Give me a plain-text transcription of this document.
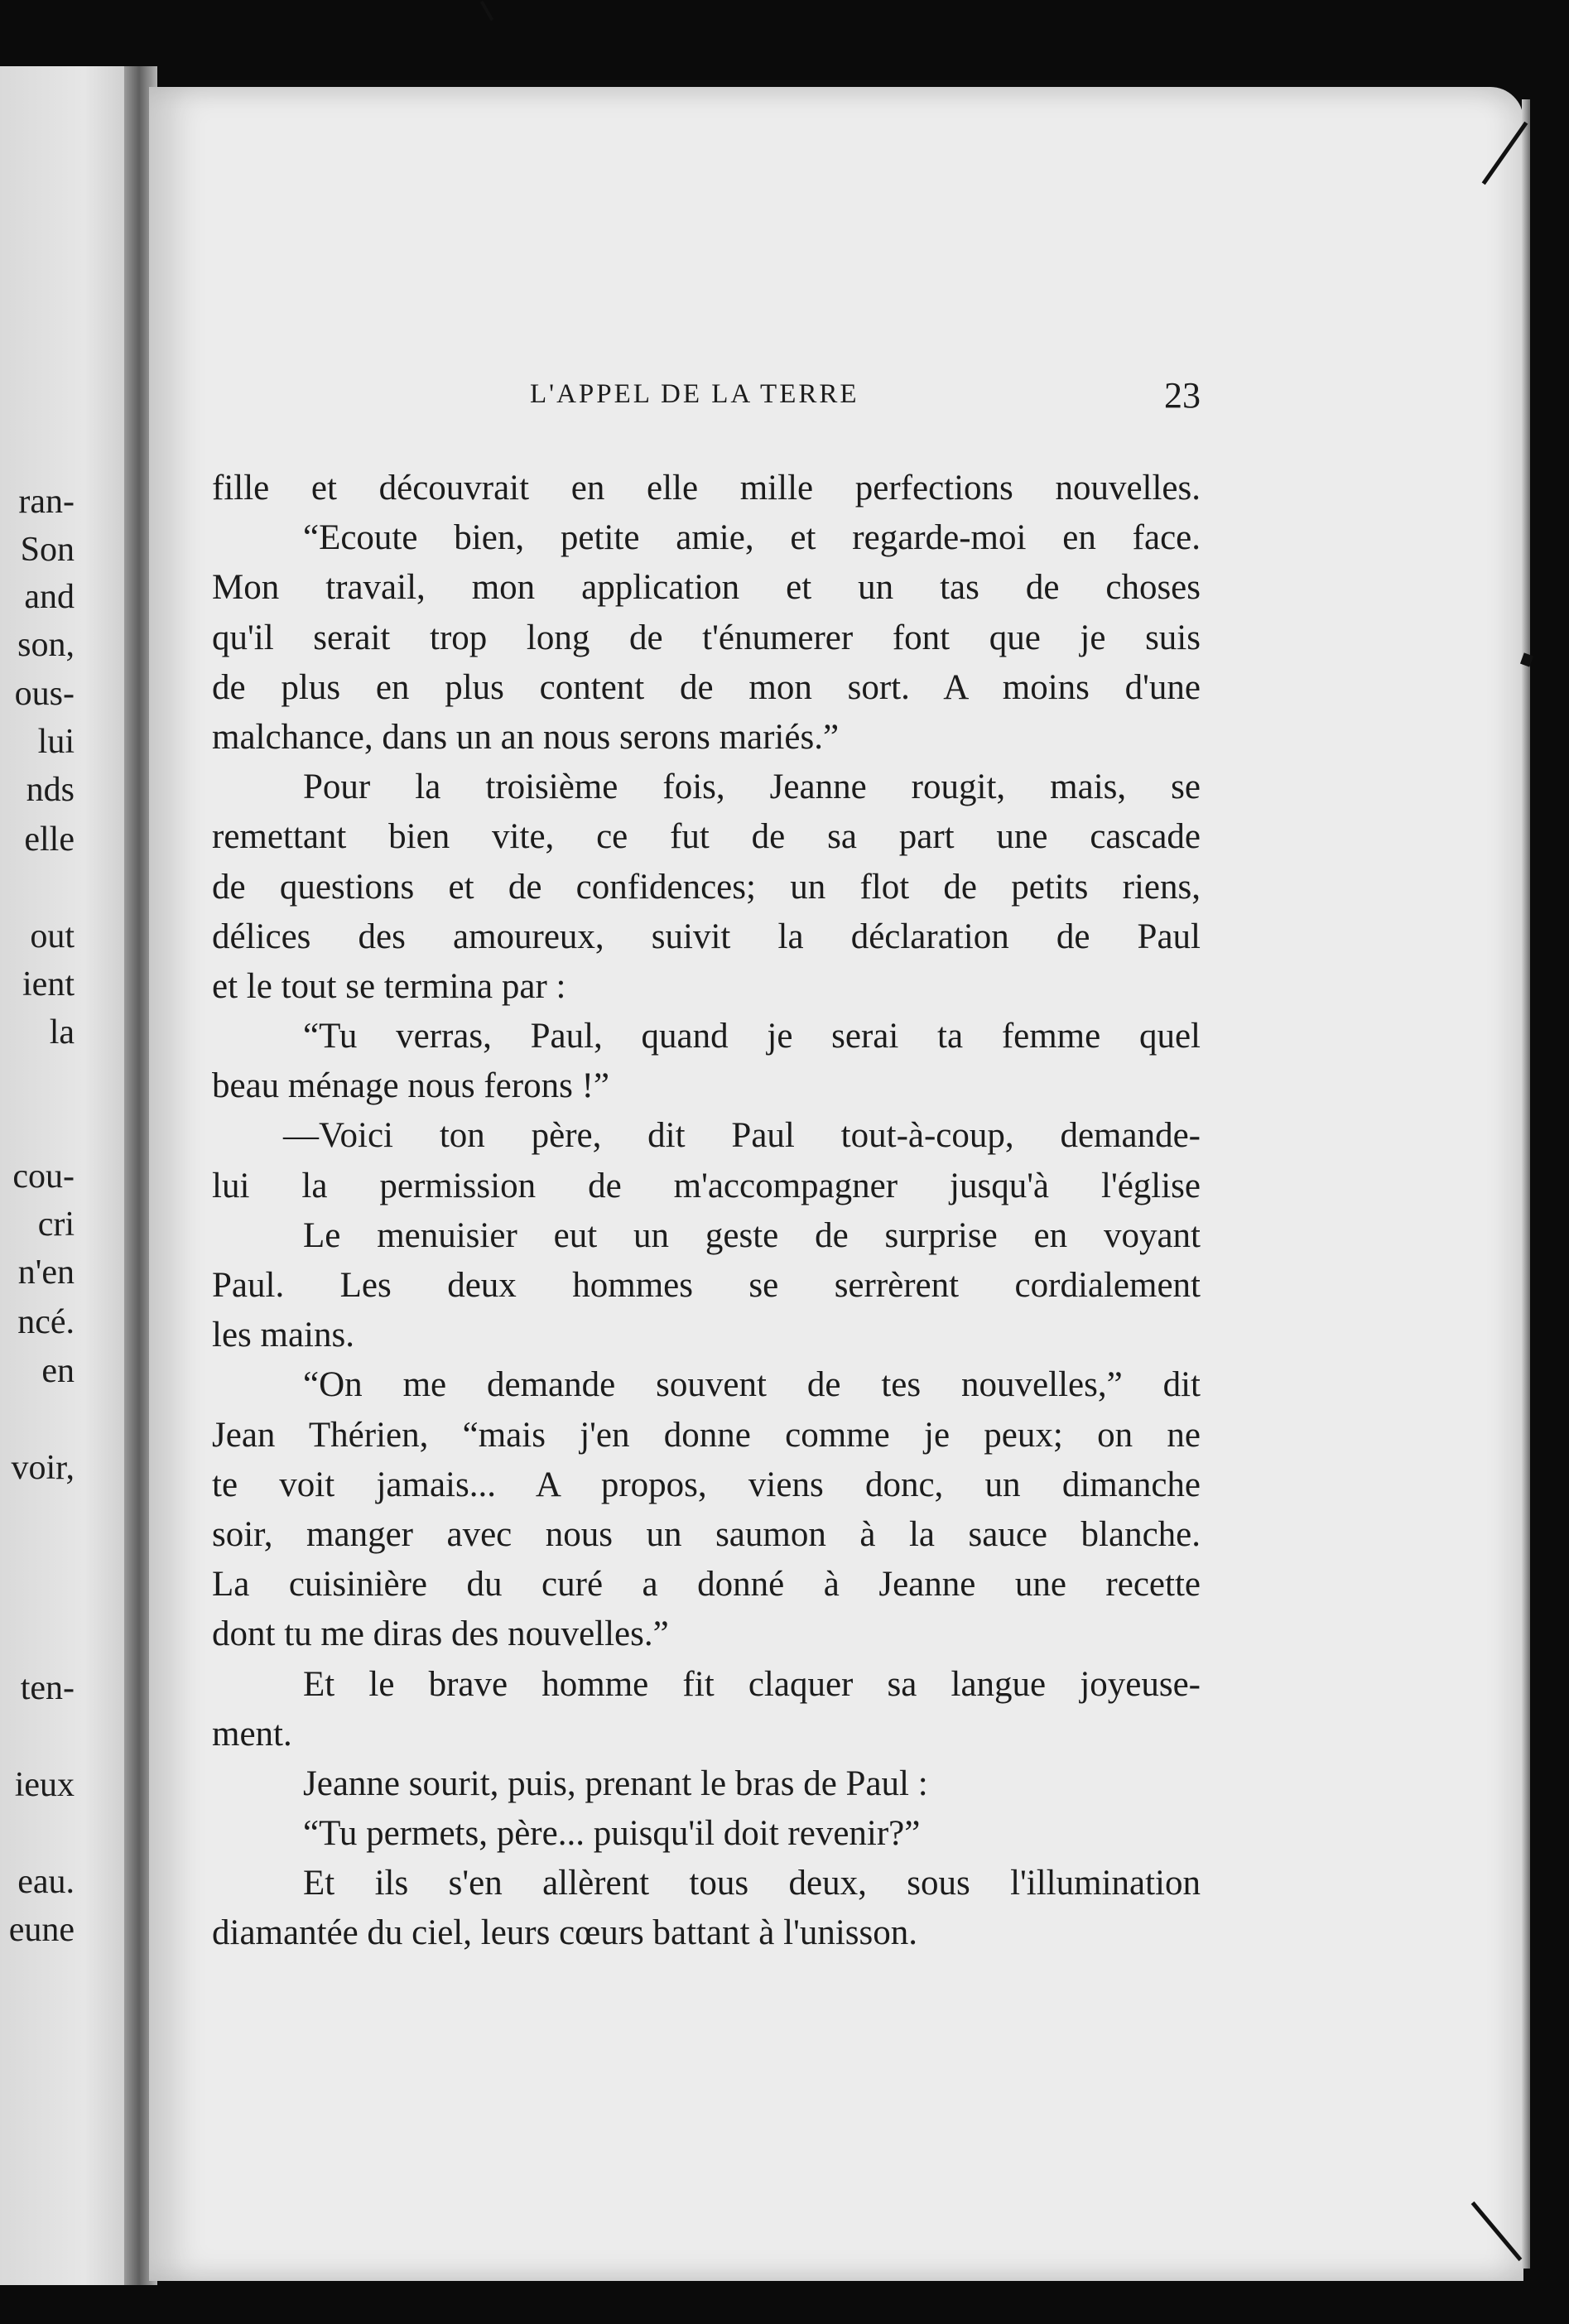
ran-
Son
and
son,
ous-
lui
nds
elle
out
ient
la
cou-
cri
n'en
ncé.
en
voir,
ten-
ieux
eau.
eune
L'APPEL DE LA TERRE	23
fille et découvrait en elle mille perfections nouvelles.
“Ecoute bien, petite amie, et regarde-moi en face.
Mon travail, mon application et un tas de choses
qu'il serait trop long de t'énumerer font que je suis
de plus en plus content de mon sort. A moins d'une
malchance, dans un an nous serons mariés.”
Pour la troisième fois, Jeanne rougit, mais, se
remettant bien vite, ce fut de sa part une cascade
de questions et de confidences; un flot de petits riens,
délices des amoureux, suivit la déclaration de Paul
et le tout se termina par :
“Tu verras, Paul, quand je serai ta femme quel
beau ménage nous ferons !”
—Voici ton père, dit Paul tout-à-coup, demande-
lui la permission de m'accompagner jusqu'à l'église
Le menuisier eut un geste de surprise en voyant
Paul. Les deux hommes se serrèrent cordialement
les mains.
“On me demande souvent de tes nouvelles,” dit
Jean Thérien, “mais j'en donne comme je peux; on ne
te voit jamais... A propos, viens donc, un dimanche
soir, manger avec nous un saumon à la sauce blanche.
La cuisinière du curé a donné à Jeanne une recette
dont tu me diras des nouvelles.”
Et le brave homme fit claquer sa langue joyeuse-
ment.
Jeanne sourit, puis, prenant le bras de Paul :
“Tu permets, père... puisqu'il doit revenir?”
Et ils s'en allèrent tous deux, sous l'illumination
diamantée du ciel, leurs cœurs battant à l'unisson.
